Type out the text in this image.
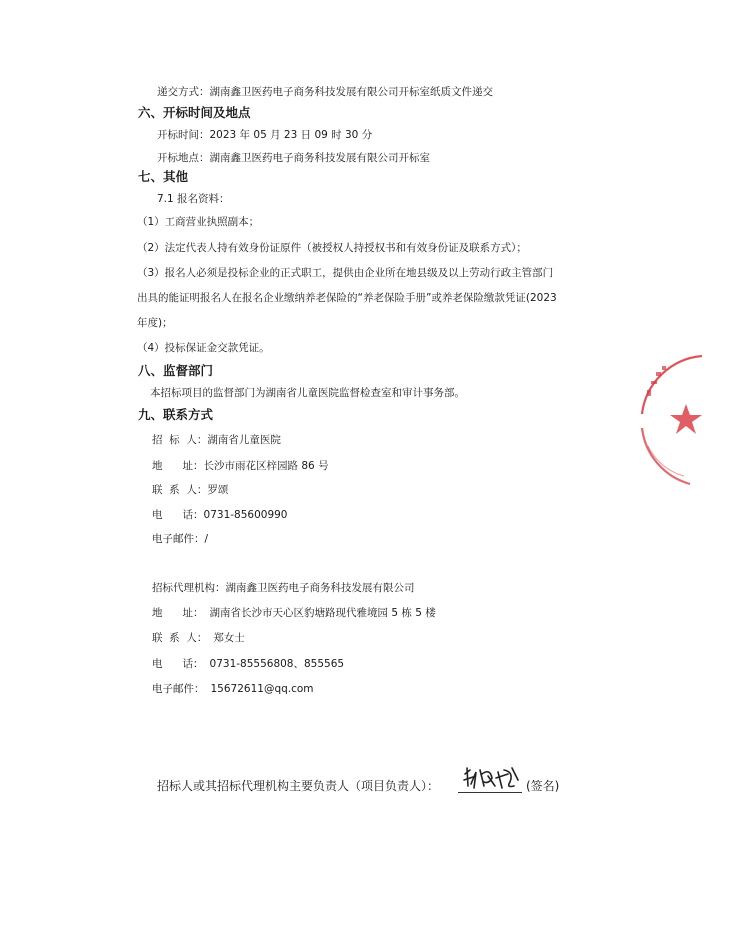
递交方式：湖南鑫卫医药电子商务科技发展有限公司开标室纸质文件递交
六、开标时间及地点
开标时间：2023 年 05 月 23 日 09 时 30 分
开标地点：湖南鑫卫医药电子商务科技发展有限公司开标室
七、其他
7.1 报名资料：
（1）工商营业执照副本；
（2）法定代表人持有效身份证原件（被授权人持授权书和有效身份证及联系方式）；
（3）报名人必须是投标企业的正式职工，提供由企业所在地县级及以上劳动行政主管部门
出具的能证明报名人在报名企业缴纳养老保险的“养老保险手册”或养老保险缴款凭证(2023
年度)；
（4）投标保证金交款凭证。
八、监督部门
本招标项目的监督部门为湖南省儿童医院监督检查室和审计事务部。
九、联系方式
招  标  人：湖南省儿童医院
地      址：长沙市雨花区梓园路 86 号
联  系  人：罗颂
电      话：0731-85600990
电子邮件：/
招标代理机构：湖南鑫卫医药电子商务科技发展有限公司
地      址： 湖南省长沙市天心区豹塘路现代雅境园 5 栋 5 楼
联  系  人： 郑女士
电      话： 0731-85556808、855565
电子邮件： 15672611@qq.com
招标人或其招标代理机构主要负责人（项目负责人）：	(签名)
